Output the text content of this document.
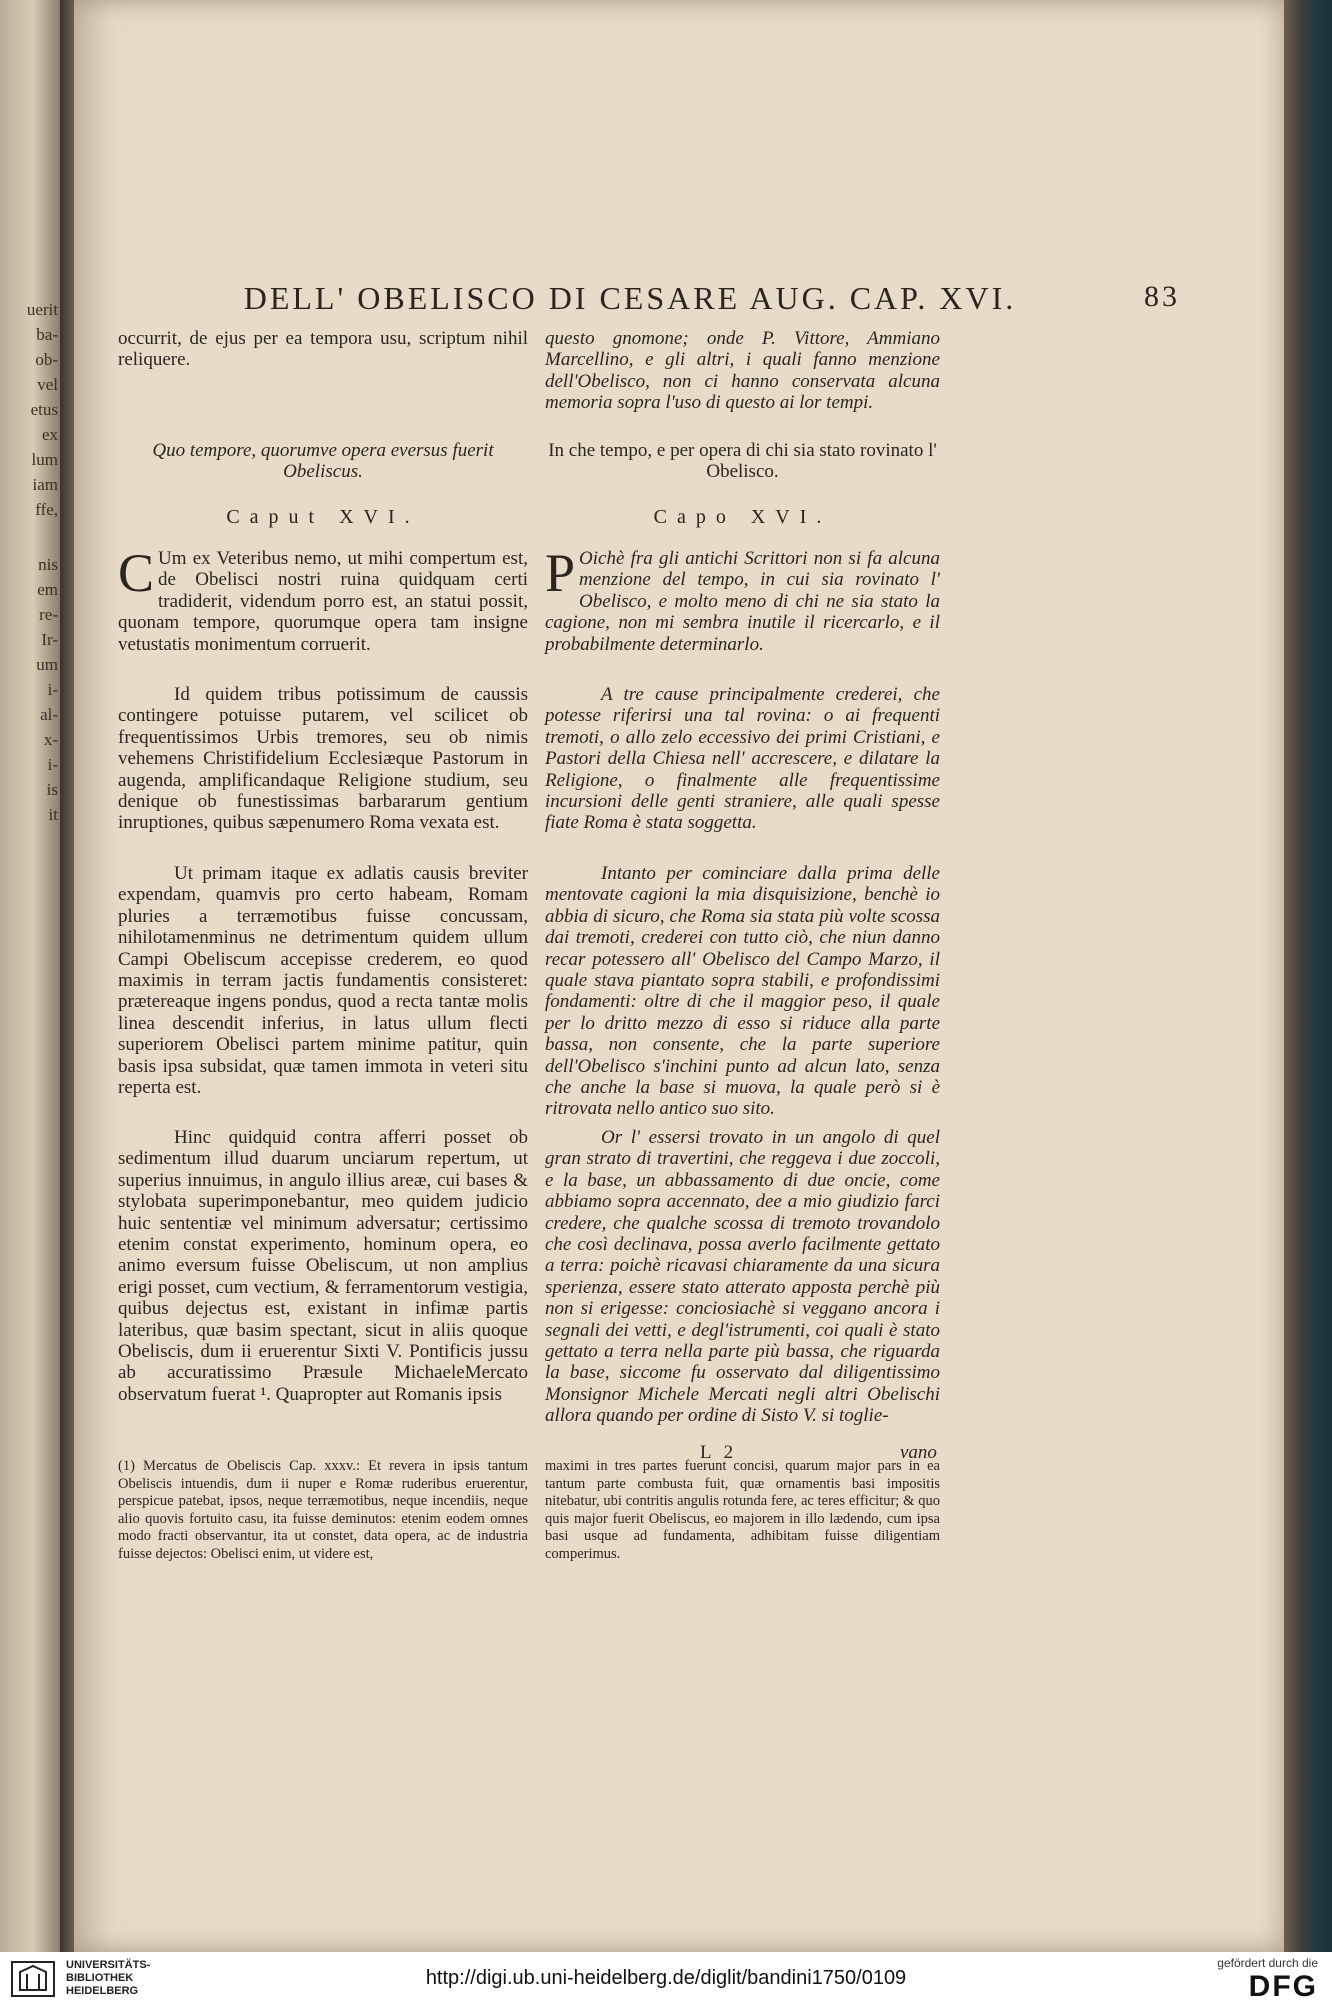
uerit
ba-
ob-
vel
etus
ex
lum
iam
ffe,
nis
em
re-
Ir-
um
i-
al-
x-
i-
is
it
DELL' OBELISCO DI CESARE AUG. CAP. XVI.	83
occurrit, de ejus per ea tempora usu, scriptum nihil reliquere.
Quo tempore, quorumve opera eversus fuerit Obeliscus.
Caput XVI.
C Um ex Veteribus nemo, ut mihi compertum est, de Obelisci nostri ruina quidquam certi tradiderit, videndum porro est, an statui possit, quonam tempore, quorumque opera tam insigne vetustatis monimentum corruerit.
Id quidem tribus potissimum de caussis contingere potuisse putarem, vel scilicet ob frequentissimos Urbis tremores, seu ob nimis vehemens Christifidelium Ecclesiæque Pastorum in augenda, amplificandaque Religione studium, seu denique ob funestissimas barbararum gentium inruptiones, quibus sæpenumero Roma vexata est.
Ut primam itaque ex adlatis causis breviter expendam, quamvis pro certo habeam, Romam pluries a terræmotibus fuisse concussam, nihilotamenminus ne detrimentum quidem ullum Campi Obeliscum accepisse crederem, eo quod maximis in terram jactis fundamentis consisteret: prætereaque ingens pondus, quod a recta tantæ molis linea descendit inferius, in latus ullum flecti superiorem Obelisci partem minime patitur, quin basis ipsa subsidat, quæ tamen immota in veteri situ reperta est.
Hinc quidquid contra afferri posset ob sedimentum illud duarum unciarum repertum, ut superius innuimus, in angulo illius areæ, cui bases & stylobata superimponebantur, meo quidem judicio huic sententiæ vel minimum adversatur; certissimo etenim constat experimento, hominum opera, eo animo eversum fuisse Obeliscum, ut non amplius erigi posset, cum vectium, & ferramentorum vestigia, quibus dejectus est, existant in infimæ partis lateribus, quæ basim spectant, sicut in aliis quoque Obeliscis, dum ii eruerentur Sixti V. Pontificis jussu ab accuratissimo Præsule MichaeleMercato observatum fuerat ¹. Quapropter aut Romanis ipsis
(1) Mercatus de Obeliscis Cap. xxxv.: Et revera in ipsis tantum Obeliscis intuendis, dum ii nuper e Romæ ruderibus eruerentur, perspicue patebat, ipsos, neque terræmotibus, neque incendiis, neque alio quovis fortuito casu, ita fuisse deminutos: etenim eodem omnes modo fracti observantur, ita ut constet, data opera, ac de industria fuisse dejectos: Obelisci enim, ut videre est,
questo gnomone; onde P. Vittore, Ammiano Marcellino, e gli altri, i quali fanno menzione dell'Obelisco, non ci hanno conservata alcuna memoria sopra l'uso di questo ai lor tempi.
In che tempo, e per opera di chi sia stato rovinato l' Obelisco.
Capo XVI.
P Oichè fra gli antichi Scrittori non si fa alcuna menzione del tempo, in cui sia rovinato l' Obelisco, e molto meno di chi ne sia stato la cagione, non mi sembra inutile il ricercarlo, e il probabilmente determinarlo.
A tre cause principalmente crederei, che potesse riferirsi una tal rovina: o ai frequenti tremoti, o allo zelo eccessivo dei primi Cristiani, e Pastori della Chiesa nell' accrescere, e dilatare la Religione, o finalmente alle frequentissime incursioni delle genti straniere, alle quali spesse fiate Roma è stata soggetta.
Intanto per cominciare dalla prima delle mentovate cagioni la mia disquisizione, benchè io abbia di sicuro, che Roma sia stata più volte scossa dai tremoti, crederei con tutto ciò, che niun danno recar potessero all' Obelisco del Campo Marzo, il quale stava piantato sopra stabili, e profondissimi fondamenti: oltre di che il maggior peso, il quale per lo dritto mezzo di esso si riduce alla parte bassa, non consente, che la parte superiore dell'Obelisco s'inchini punto ad alcun lato, senza che anche la base si muova, la quale però si è ritrovata nello antico suo sito.
Or l' essersi trovato in un angolo di quel gran strato di travertini, che reggeva i due zoccoli, e la base, un abbassamento di due oncie, come abbiamo sopra accennato, dee a mio giudizio farci credere, che qualche scossa di tremoto trovandolo che così declinava, possa averlo facilmente gettato a terra: poichè ricavasi chiaramente da una sicura sperienza, essere stato atterato apposta perchè più non si erigesse: conciosiachè si veggano ancora i segnali dei vetti, e degl'istrumenti, coi quali è stato gettato a terra nella parte più bassa, che riguarda la base, siccome fu osservato dal diligentissimo Monsignor Michele Mercati negli altri Obelischi allora quando per ordine di Sisto V. si toglie-
L 2	vano
maximi in tres partes fuerunt concisi, quarum major pars in ea tantum parte combusta fuit, quæ ornamentis basi impositis nitebatur, ubi contritis angulis rotunda fere, ac teres efficitur; & quo quis major fuerit Obeliscus, eo majorem in illo lædendo, cum ipsa basi usque ad fundamenta, adhibitam fuisse diligentiam comperimus.
UNIVERSITÄTS-
BIBLIOTHEK
HEIDELBERG
http://digi.ub.uni-heidelberg.de/diglit/bandini1750/0109
gefördert durch die
DFG
